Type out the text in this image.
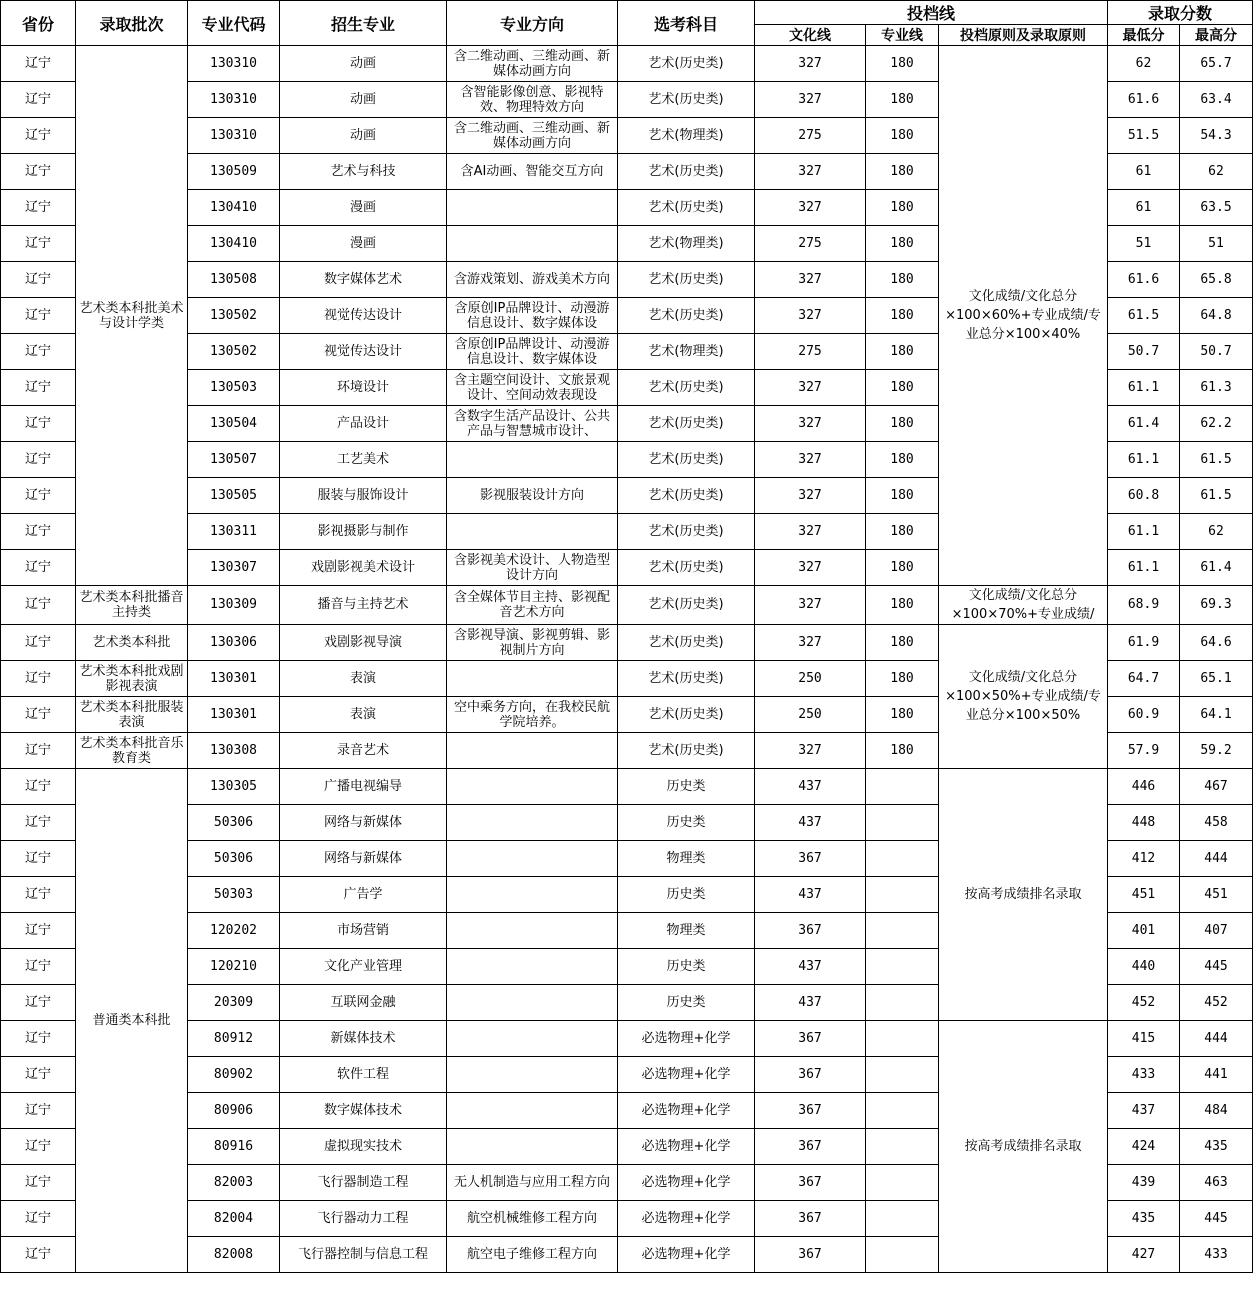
省份	录取批次	专业代码	招生专业	专业方向	选考科目	投档线			录取分数	
						文化线	专业线	投档原则及录取原则	最低分	最高分
辽宁	艺术类本科批美术与设计学类	130310	动画	含二维动画、三维动画、新媒体动画方向	艺术(历史类)	327	180	文化成绩/文化总分×100×60%+专业成绩/专业总分×100×40%	62	65.7
辽宁		130310	动画	含智能影像创意、影视特效、物理特效方向	艺术(历史类)	327	180		61.6	63.4
辽宁		130310	动画	含二维动画、三维动画、新媒体动画方向	艺术(物理类)	275	180		51.5	54.3
辽宁		130509	艺术与科技	含AI动画、智能交互方向	艺术(历史类)	327	180		61	62
辽宁		130410	漫画		艺术(历史类)	327	180		61	63.5
辽宁		130410	漫画		艺术(物理类)	275	180		51	51
辽宁		130508	数字媒体艺术	含游戏策划、游戏美术方向	艺术(历史类)	327	180		61.6	65.8
辽宁		130502	视觉传达设计	含原创IP品牌设计、动漫游信息设计、数字媒体设	艺术(历史类)	327	180		61.5	64.8
辽宁		130502	视觉传达设计	含原创IP品牌设计、动漫游信息设计、数字媒体设	艺术(物理类)	275	180		50.7	50.7
辽宁		130503	环境设计	含主题空间设计、文旅景观设计、空间动效表现设	艺术(历史类)	327	180		61.1	61.3
辽宁		130504	产品设计	含数字生活产品设计、公共产品与智慧城市设计、	艺术(历史类)	327	180		61.4	62.2
辽宁		130507	工艺美术		艺术(历史类)	327	180		61.1	61.5
辽宁		130505	服装与服饰设计	影视服装设计方向	艺术(历史类)	327	180		60.8	61.5
辽宁		130311	影视摄影与制作		艺术(历史类)	327	180		61.1	62
辽宁		130307	戏剧影视美术设计	含影视美术设计、人物造型设计方向	艺术(历史类)	327	180		61.1	61.4
辽宁	艺术类本科批播音主持类	130309	播音与主持艺术	含全媒体节目主持、影视配音艺术方向	艺术(历史类)	327	180	文化成绩/文化总分×100×70%+专业成绩/	68.9	69.3
辽宁	艺术类本科批	130306	戏剧影视导演	含影视导演、影视剪辑、影视制片方向	艺术(历史类)	327	180	文化成绩/文化总分×100×50%+专业成绩/专业总分×100×50%	61.9	64.6
辽宁	艺术类本科批戏剧影视表演	130301	表演		艺术(历史类)	250	180		64.7	65.1
辽宁	艺术类本科批服装表演	130301	表演	空中乘务方向，在我校民航学院培养。	艺术(历史类)	250	180		60.9	64.1
辽宁	艺术类本科批音乐教育类	130308	录音艺术		艺术(历史类)	327	180		57.9	59.2
辽宁	普通类本科批	130305	广播电视编导		历史类	437		按高考成绩排名录取	446	467
辽宁		50306	网络与新媒体		历史类	437			448	458
辽宁		50306	网络与新媒体		物理类	367			412	444
辽宁		50303	广告学		历史类	437			451	451
辽宁		120202	市场营销		物理类	367			401	407
辽宁		120210	文化产业管理		历史类	437			440	445
辽宁		20309	互联网金融		历史类	437			452	452
辽宁		80912	新媒体技术		必选物理+化学	367		按高考成绩排名录取	415	444
辽宁		80902	软件工程		必选物理+化学	367			433	441
辽宁		80906	数字媒体技术		必选物理+化学	367			437	484
辽宁		80916	虚拟现实技术		必选物理+化学	367			424	435
辽宁		82003	飞行器制造工程	无人机制造与应用工程方向	必选物理+化学	367			439	463
辽宁		82004	飞行器动力工程	航空机械维修工程方向	必选物理+化学	367			435	445
辽宁		82008	飞行器控制与信息工程	航空电子维修工程方向	必选物理+化学	367			427	433
